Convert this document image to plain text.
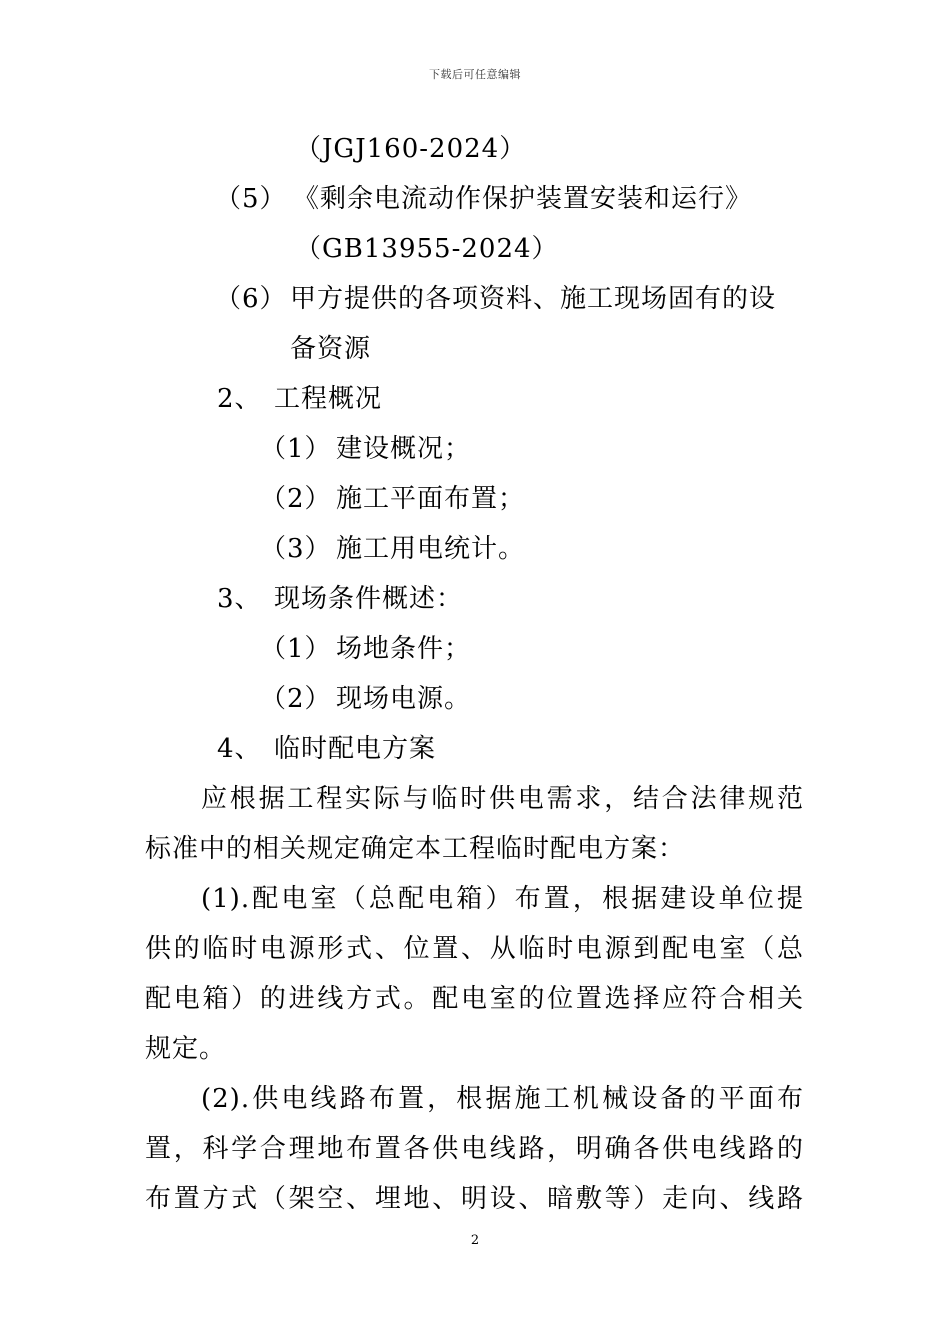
下载后可任意编辑
（JGJ160-2024）
（5） 《剩余电流动作保护装置安装和运行》
（GB13955-2024）
（6） 甲方提供的各项资料、施工现场固有的设
备资源
2、 工程概况
（1） 建设概况；
（2） 施工平面布置；
（3） 施工用电统计。
3、 现场条件概述：
（1） 场地条件；
（2） 现场电源。
4、 临时配电方案
应根据工程实际与临时供电需求，结合法律规范
标准中的相关规定确定本工程临时配电方案：
(1).配电室（总配电箱）布置，根据建设单位提
供的临时电源形式、位置、从临时电源到配电室（总
配电箱）的进线方式。配电室的位置选择应符合相关
规定。
(2).供电线路布置，根据施工机械设备的平面布
置，科学合理地布置各供电线路，明确各供电线路的
布置方式（架空、埋地、明设、暗敷等）走向、线路
2
